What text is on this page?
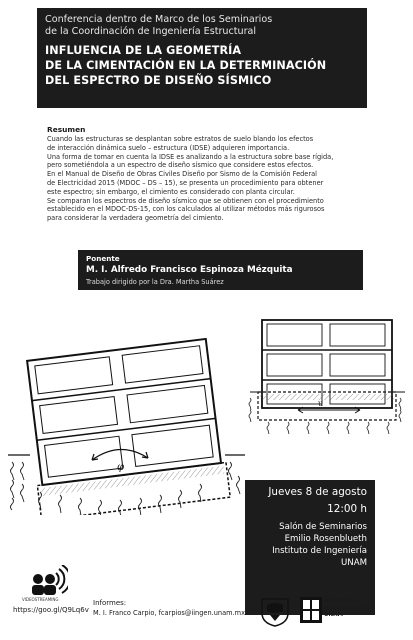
Conferencia dentro de Marco de los Seminarios
de la Coordinación de Ingeniería Estructural
INFLUENCIA DE LA GEOMETRÍA
DE LA CIMENTACIÓN EN LA DETERMINACIÓN
DEL ESPECTRO DE DISEÑO SÍSMICO
Resumen
Cuando las estructuras se desplantan sobre estratos de suelo blando los efectos
de interacción dinámica suelo – estructura (IDSE) adquieren importancia.
Una forma de tomar en cuenta la IDSE es analizando a la estructura sobre base rígida,
pero sometiéndola a un espectro de diseño sísmico que considere estos efectos.
En el Manual de Diseño de Obras Civiles Diseño por Sismo de la Comisión Federal
de Electricidad 2015 (MDOC – DS – 15), se presenta un procedimiento para obtener
este espectro; sin embargo, el cimiento es considerado con planta circular.
Se comparan los espectros de diseño sísmico que se obtienen con el procedimiento
establecido en el MDOC-DS-15, con los calculados al utilizar métodos más rigurosos
para considerar la verdadera geometría del cimiento.
Ponente
M. I. Alfredo Francisco Espinoza Mézquita
Trabajo dirigido por la Dra. Martha Suárez
φ
u
Jueves 8 de agosto
12:00 h
Salón de Seminarios
Emilio Rosenblueth
Instituto de Ingeniería
UNAM
VIDEOSTREAMING
https://goo.gl/Q9Lq6v
Informes:
M. I. Franco Carpio, fcarpios@iingen.unam.mx
INSTITUTO
DE INGENIERÍA
UNAM
